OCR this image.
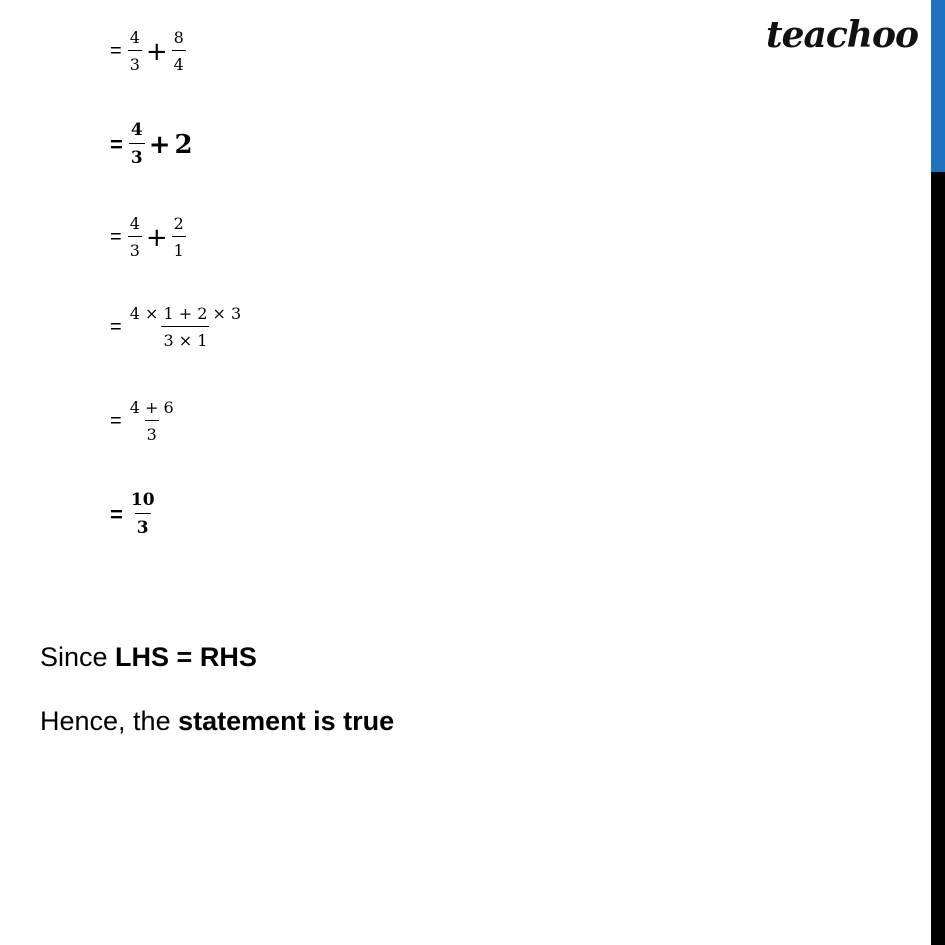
teachoo
= $\frac{4}{3} + \frac{8}{4}$
= $\frac{4}{3} + 2$
= $\frac{4}{3} + \frac{2}{1}$
= $\frac{4 \times 1 + 2 \times 3}{3 \times 1}$
= $\frac{4 + 6}{3}$
= $\frac{10}{3}$
Since LHS = RHS
Hence, the statement is true
